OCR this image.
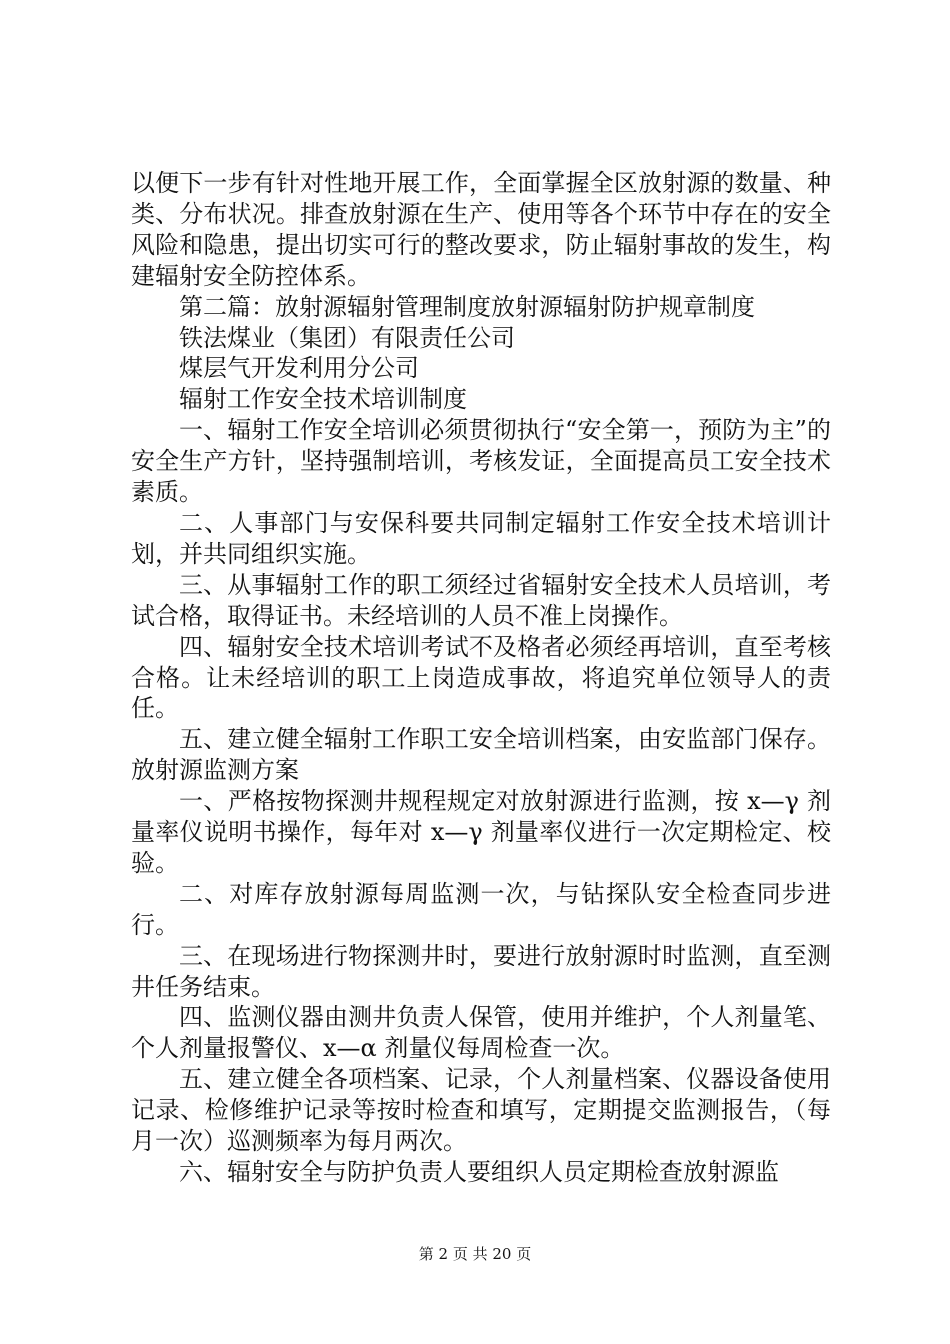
以便下一步有针对性地开展工作，全面掌握全区放射源的数量、种类、分布状况。排查放射源在生产、使用等各个环节中存在的安全风险和隐患，提出切实可行的整改要求，防止辐射事故的发生，构建辐射安全防控体系。

第二篇：放射源辐射管理制度放射源辐射防护规章制度

铁法煤业（集团）有限责任公司

煤层气开发利用分公司

辐射工作安全技术培训制度

一、辐射工作安全培训必须贯彻执行“安全第一，预防为主”的安全生产方针，坚持强制培训，考核发证，全面提高员工安全技术素质。

二、人事部门与安保科要共同制定辐射工作安全技术培训计划，并共同组织实施。

三、从事辐射工作的职工须经过省辐射安全技术人员培训，考试合格，取得证书。未经培训的人员不准上岗操作。

四、辐射安全技术培训考试不及格者必须经再培训，直至考核合格。让未经培训的职工上岗造成事故，将追究单位领导人的责任。

五、建立健全辐射工作职工安全培训档案，由安监部门保存。放射源监测方案

一、严格按物探测井规程规定对放射源进行监测，按 x—γ 剂量率仪说明书操作，每年对 x—γ 剂量率仪进行一次定期检定、校验。

二、对库存放射源每周监测一次，与钻探队安全检查同步进行。

三、在现场进行物探测井时，要进行放射源时时监测，直至测井任务结束。

四、监测仪器由测井负责人保管，使用并维护，个人剂量笔、个人剂量报警仪、x—α 剂量仪每周检查一次。

五、建立健全各项档案、记录，个人剂量档案、仪器设备使用记录、检修维护记录等按时检查和填写，定期提交监测报告，（每月一次）巡测频率为每月两次。

六、辐射安全与防护负责人要组织人员定期检查放射源监

第 2 页 共 20 页
